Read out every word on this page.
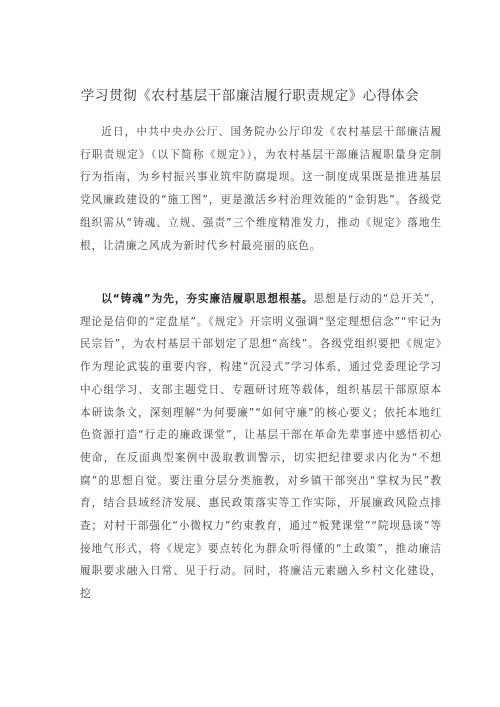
学习贯彻《农村基层干部廉洁履行职责规定》心得体会

近日，中共中央办公厅、国务院办公厅印发《农村基层干部廉洁履行职责规定》（以下简称《规定》），为农村基层干部廉洁履职量身定制行为指南，为乡村振兴事业筑牢防腐堤坝。这一制度成果既是推进基层党风廉政建设的“施工图”，更是激活乡村治理效能的“金钥匙”。各级党组织需从“铸魂、立规、强责”三个维度精准发力，推动《规定》落地生根，让清廉之风成为新时代乡村最亮丽的底色。

以“铸魂”为先，夯实廉洁履职思想根基。思想是行动的“总开关”，理论是信仰的“定盘星”。《规定》开宗明义强调“坚定理想信念”“牢记为民宗旨”，为农村基层干部划定了思想“高线”。各级党组织要把《规定》作为理论武装的重要内容，构建“沉浸式”学习体系，通过党委理论学习中心组学习、支部主题党日、专题研讨班等载体，组织基层干部原原本本研读条文，深刻理解“为何要廉”“如何守廉”的核心要义；依托本地红色资源打造“行走的廉政课堂”，让基层干部在革命先辈事迹中感悟初心使命，在反面典型案例中汲取教训警示，切实把纪律要求内化为“不想腐”的思想自觉。要注重分层分类施教，对乡镇干部突出“掌权为民”教育，结合县域经济发展、惠民政策落实等工作实际，开展廉政风险点排查；对村干部强化“小微权力”约束教育，通过“板凳课堂”“院坝恳谈”等接地气形式，将《规定》要点转化为群众听得懂的“土政策”，推动廉洁履职要求融入日常、见于行动。同时，将廉洁元素融入乡村文化建设，挖
